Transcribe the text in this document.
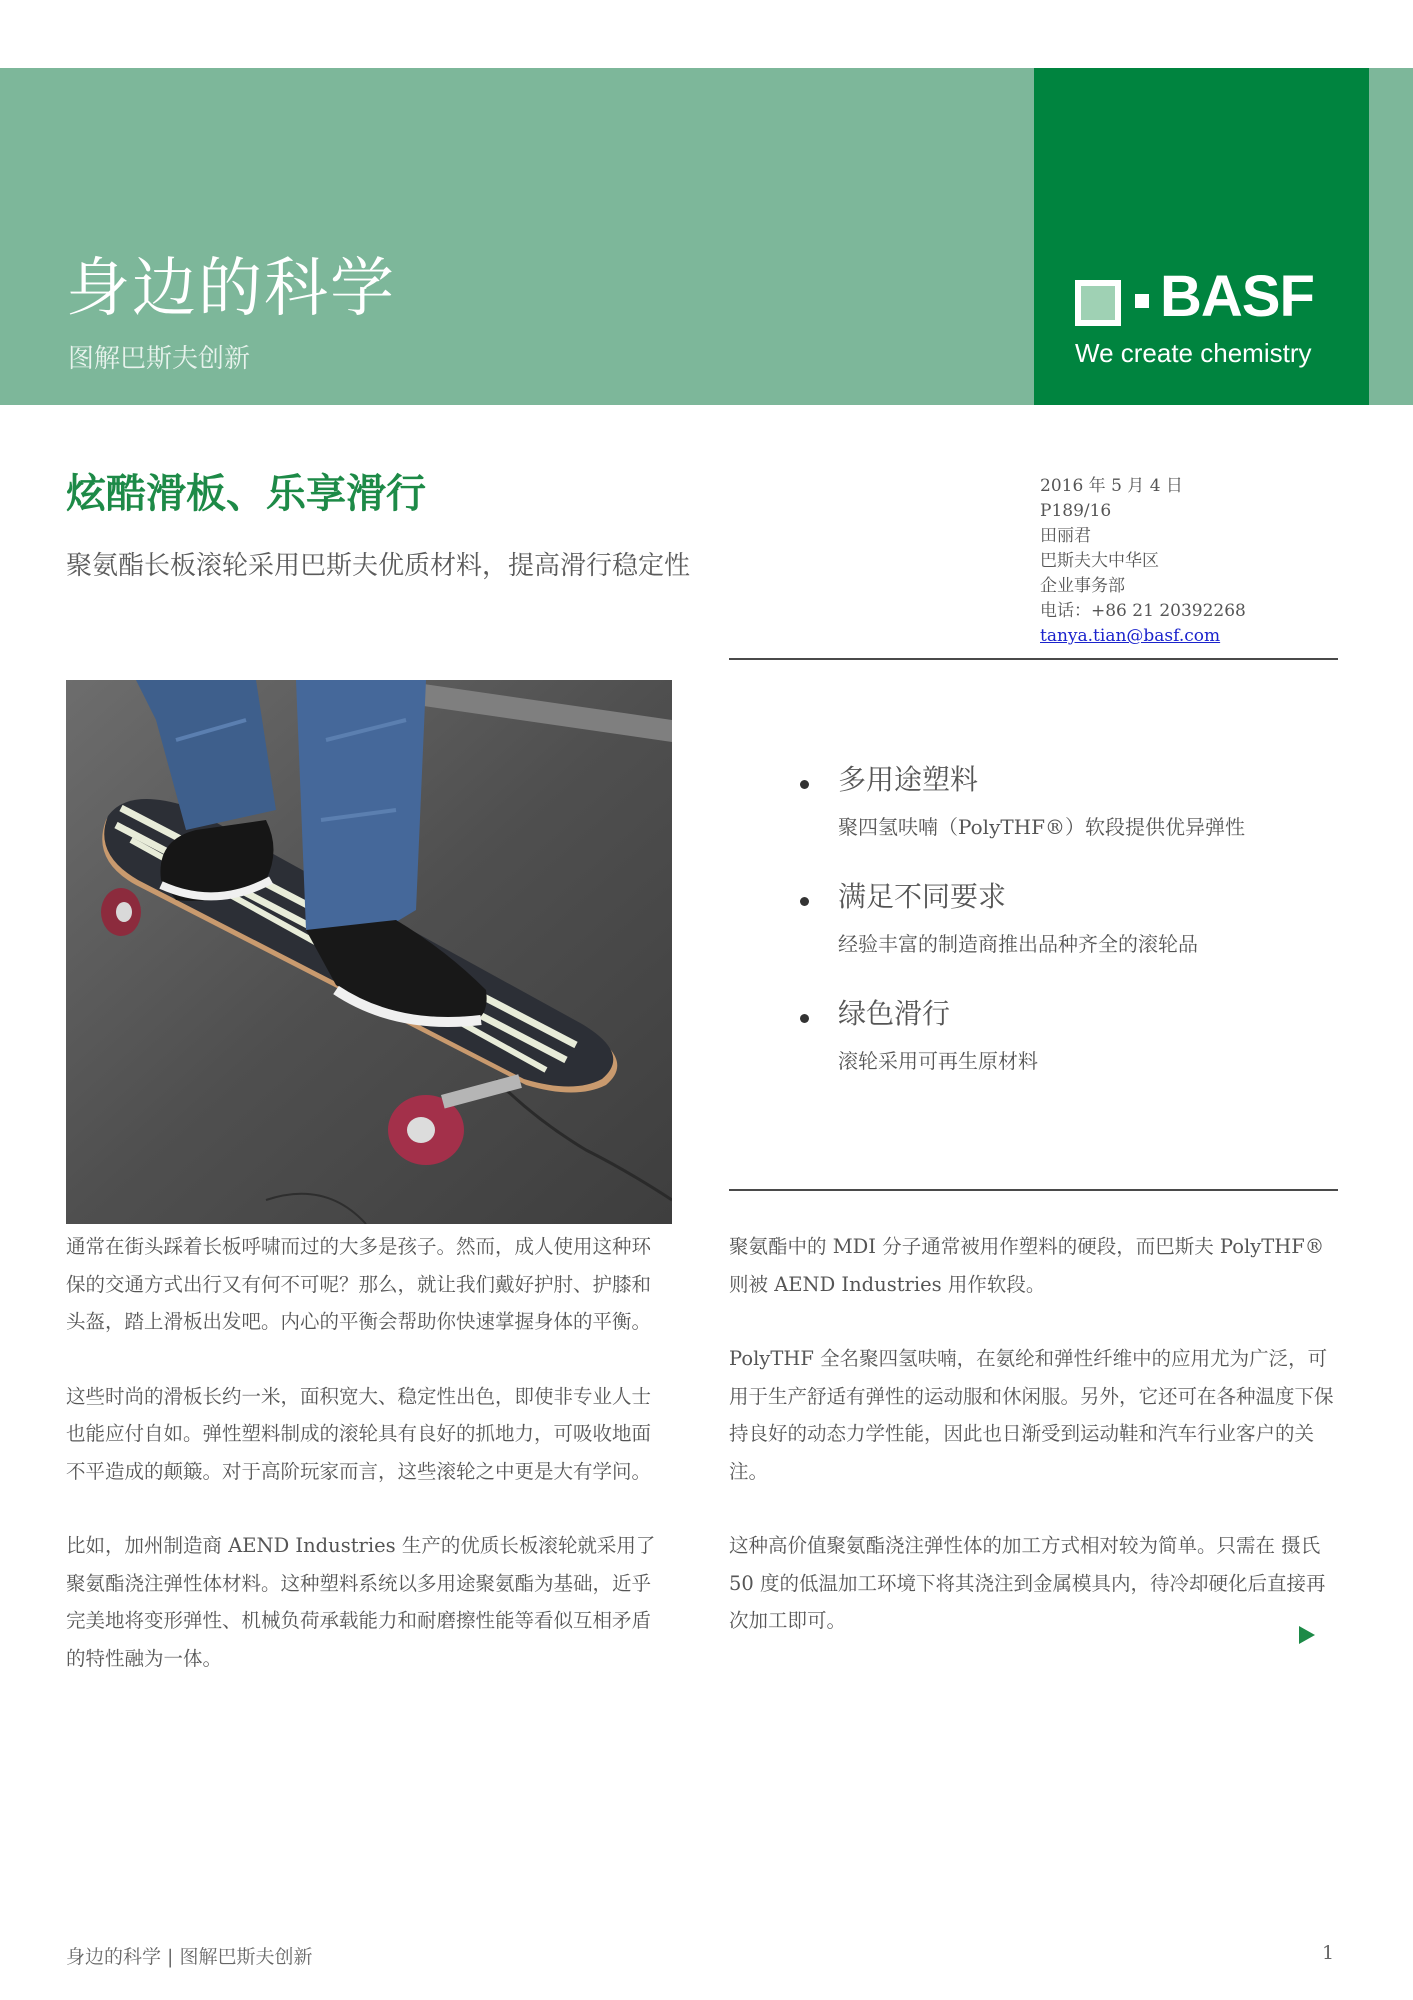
身边的科学

图解巴斯夫创新

BASF
We create chemistry
炫酷滑板、乐享滑行

聚氨酯长板滚轮采用巴斯夫优质材料，提高滑行稳定性

2016 年 5 月 4 日
P189/16
田丽君
巴斯夫大中华区
企业事务部
电话：+86 21 20392268
tanya.tian@basf.com
多用途塑料

聚四氢呋喃（PolyTHF®）软段提供优异弹性

满足不同要求

经验丰富的制造商推出品种齐全的滚轮品

绿色滑行

滚轮采用可再生原材料

通常在街头踩着长板呼啸而过的大多是孩子。然而，成人使用这种环保的交通方式出行又有何不可呢？那么，就让我们戴好护肘、护膝和头盔，踏上滑板出发吧。内心的平衡会帮助你快速掌握身体的平衡。

这些时尚的滑板长约一米，面积宽大、稳定性出色，即使非专业人士也能应付自如。弹性塑料制成的滚轮具有良好的抓地力，可吸收地面不平造成的颠簸。对于高阶玩家而言，这些滚轮之中更是大有学问。

比如，加州制造商 AEND Industries 生产的优质长板滚轮就采用了聚氨酯浇注弹性体材料。这种塑料系统以多用途聚氨酯为基础，近乎完美地将变形弹性、机械负荷承载能力和耐磨擦性能等看似互相矛盾的特性融为一体。

聚氨酯中的 MDI 分子通常被用作塑料的硬段，而巴斯夫 PolyTHF® 则被 AEND Industries 用作软段。

PolyTHF 全名聚四氢呋喃，在氨纶和弹性纤维中的应用尤为广泛，可用于生产舒适有弹性的运动服和休闲服。另外，它还可在各种温度下保持良好的动态力学性能，因此也日渐受到运动鞋和汽车行业客户的关注。

这种高价值聚氨酯浇注弹性体的加工方式相对较为简单。只需在 摄氏 50 度的低温加工环境下将其浇注到金属模具内，待冷却硬化后直接再次加工即可。

身边的科学 | 图解巴斯夫创新	1
